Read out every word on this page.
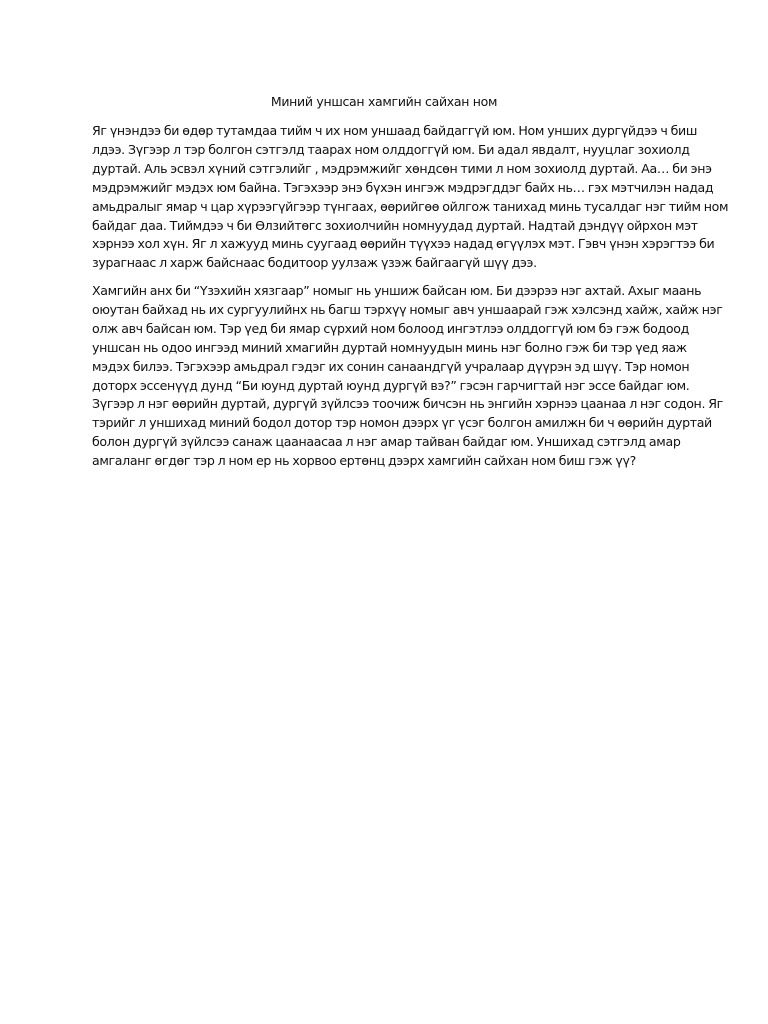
Миний уншсан хамгийн сайхан ном

Яг үнэндээ би өдөр тутамдаа тийм ч их ном уншаад байдаггүй юм. Ном унших дургүйдээ ч биш
лдээ. Зүгээр л тэр болгон сэтгэлд таарах ном олддоггүй юм. Би адал явдалт, нууцлаг зохиолд
дуртай. Аль эсвэл хүний сэтгэлийг , мэдрэмжийг хөндсөн тими л ном зохиолд дуртай. Аа… би энэ
мэдрэмжийг мэдэх юм байна. Тэгэхээр энэ бүхэн ингэж мэдрэгддэг байх нь… гэх мэтчилэн надад
амьдралыг ямар ч цар хүрээгүйгээр түнгаах, өөрийгөө ойлгож танихад минь тусалдаг нэг тийм ном
байдаг даа. Тиймдээ ч би Өлзийтөгс зохиолчийн номнуудад дуртай. Надтай дэндүү ойрхон мэт
хэрнээ хол хүн. Яг л хажууд минь суугаад өөрийн түүхээ надад өгүүлэх мэт. Гэвч үнэн хэрэгтээ би
зурагнаас л харж байснаас бодитоор уулзаж үзэж байгаагүй шүү дээ.

Хамгийн анх би “Үзэхийн хязгаар” номыг нь уншиж байсан юм. Би дээрээ нэг ахтай. Ахыг маань
оюутан байхад нь их сургуулийнх нь багш тэрхүү номыг авч уншаарай гэж хэлсэнд хайж, хайж нэг
олж авч байсан юм. Тэр үед би ямар сүрхий ном болоод ингэтлээ олддоггүй юм бэ гэж бодоод
уншсан нь одоо ингээд миний хмагийн дуртай номнуудын минь нэг болно гэж би тэр үед яаж
мэдэх билээ. Тэгэхээр амьдрал гэдэг их сонин санаандгүй учралаар дүүрэн эд шүү. Тэр номон
доторх эссенүүд дунд “Би юунд дуртай юунд дургүй вэ?” гэсэн гарчигтай нэг эссе байдаг юм.
Зүгээр л нэг өөрийн дуртай, дургүй зүйлсээ тоочиж бичсэн нь энгийн хэрнээ цаанаа л нэг содон. Яг
тэрийг л уншихад миний бодол дотор тэр номон дээрх үг үсэг болгон амилжн би ч өөрийн дуртай
болон дургүй зүйлсээ санаж цаанаасаа л нэг амар тайван байдаг юм. Уншихад сэтгэлд амар
амгаланг өгдөг тэр л ном ер нь хорвоо ертөнц дээрх хамгийн сайхан ном биш гэж үү?
